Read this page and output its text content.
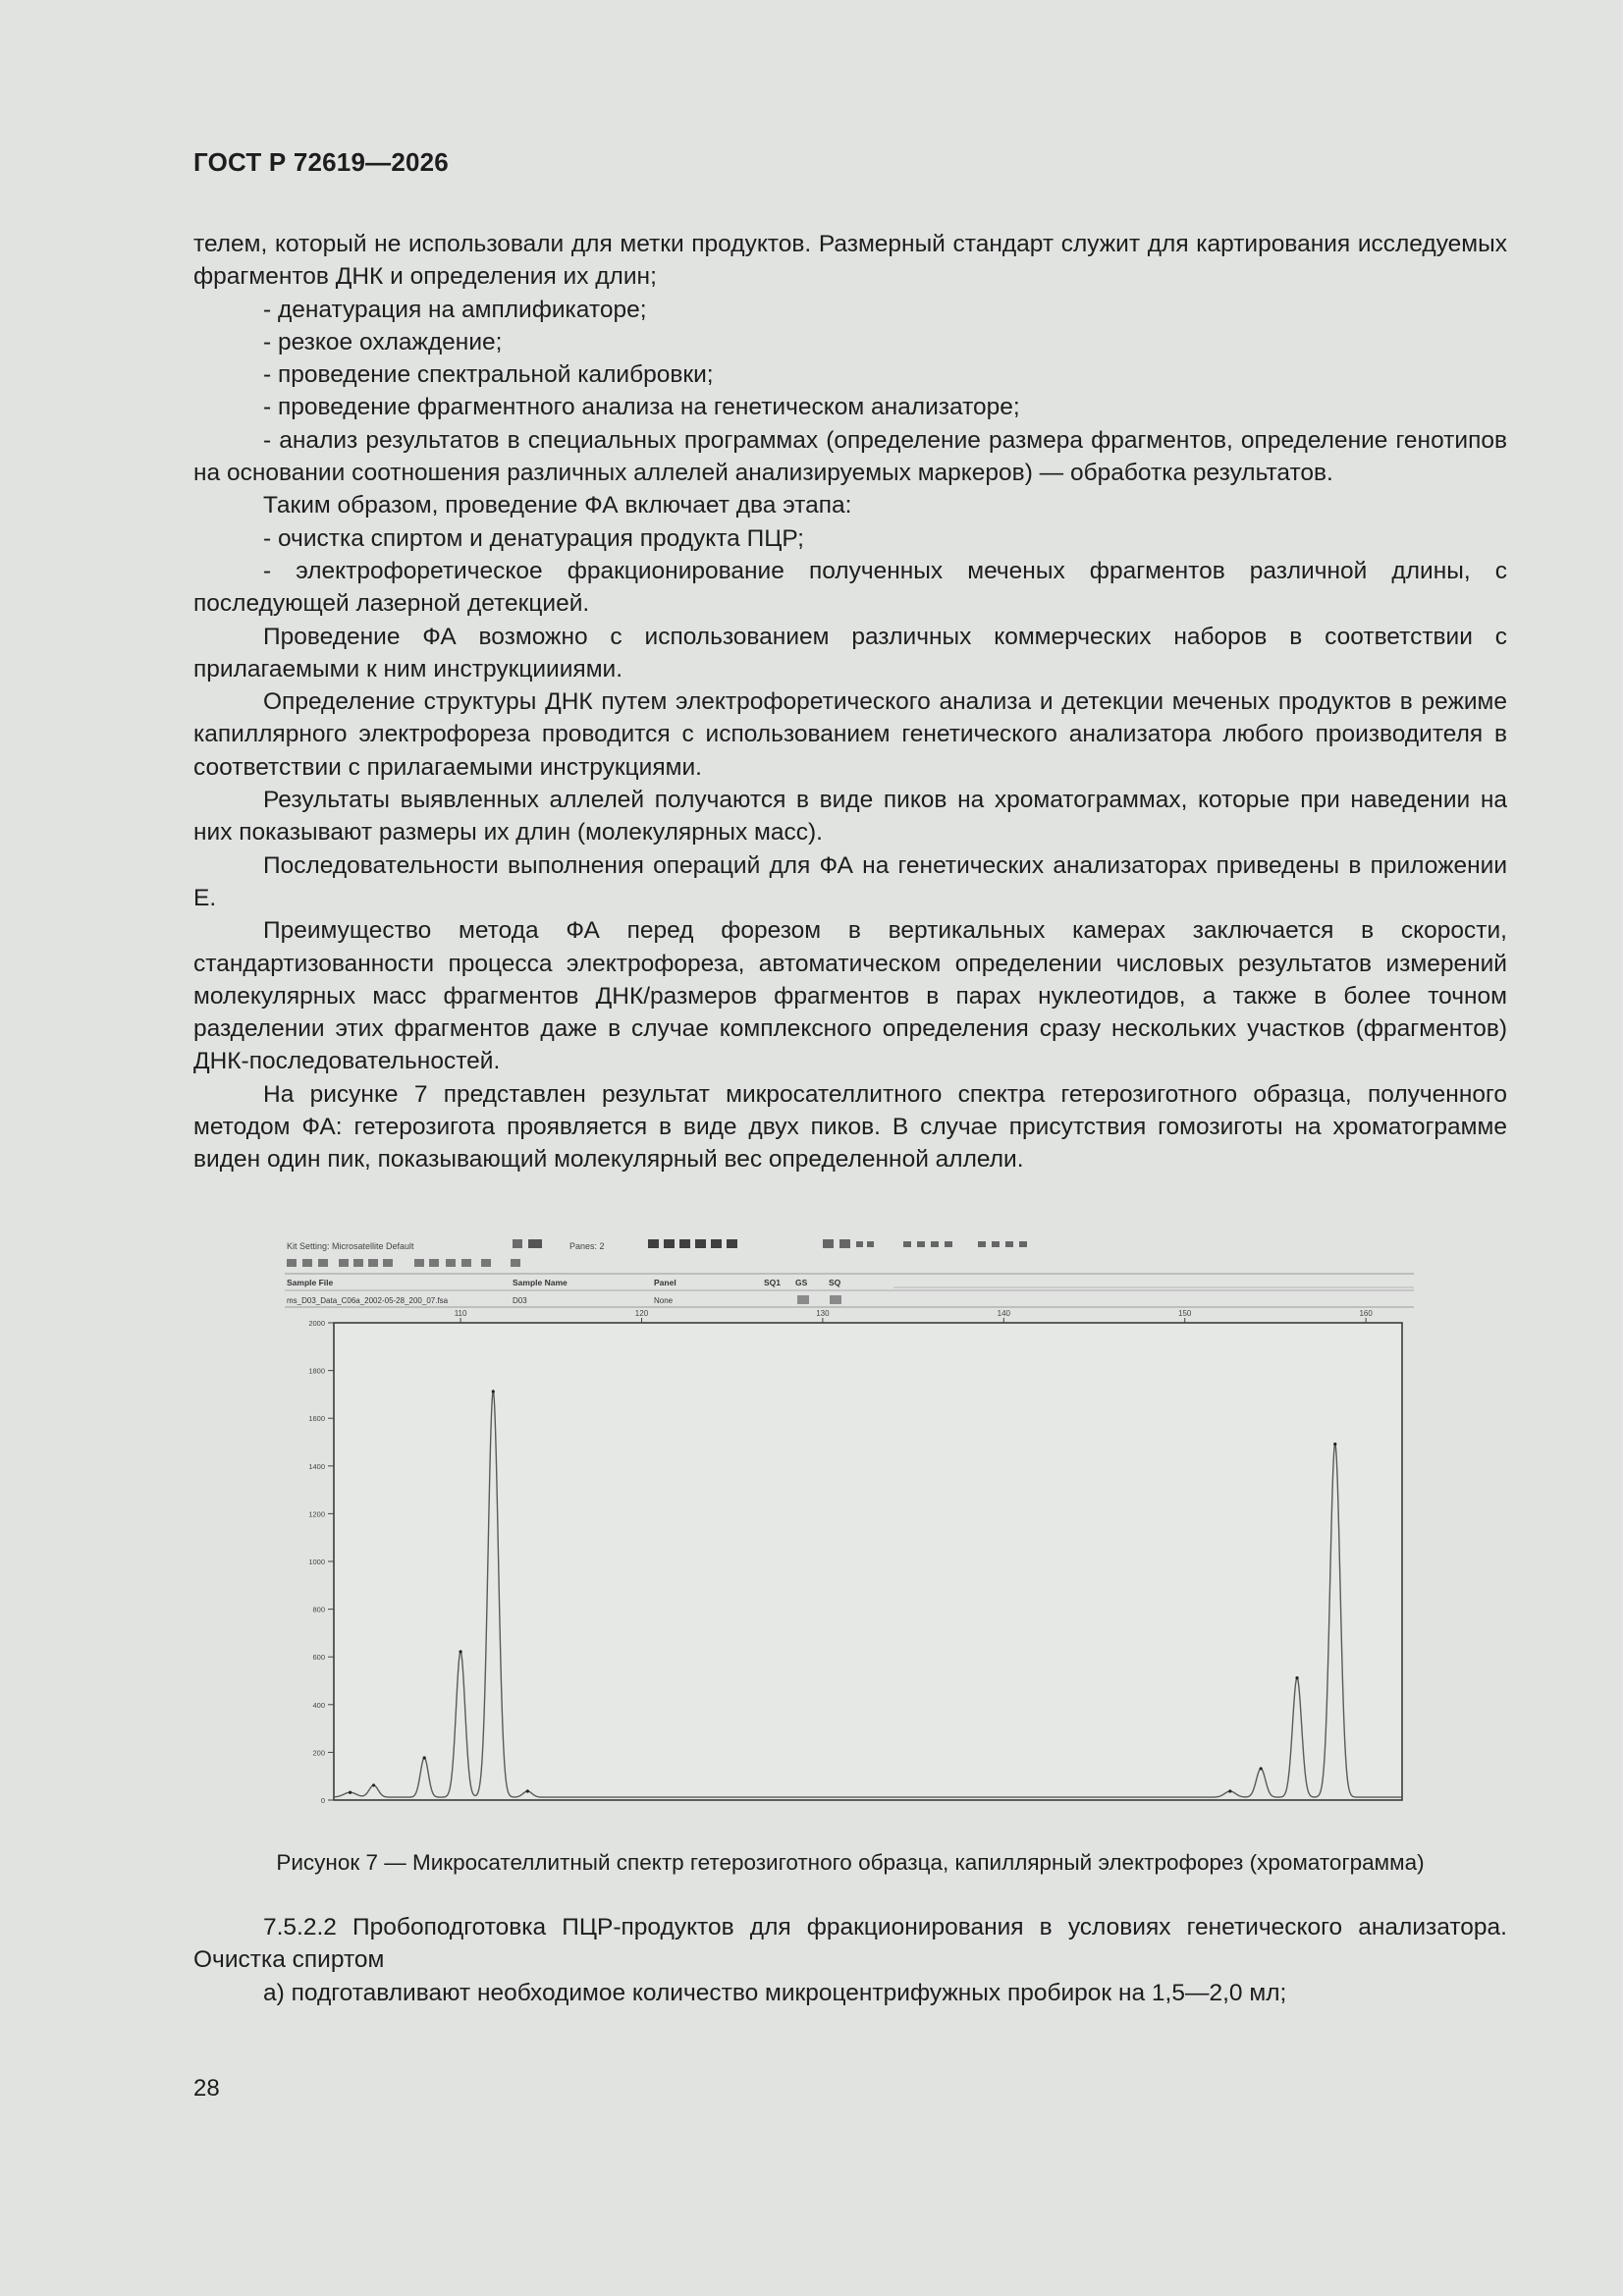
ГОСТ Р 72619—2026

телем, который не использовали для метки продуктов. Размерный стандарт служит для картирования исследуемых фрагментов ДНК и определения их длин;

- денатурация на амплификаторе;

- резкое охлаждение;

- проведение спектральной калибровки;

- проведение фрагментного анализа на генетическом анализаторе;

- анализ результатов в специальных программах (определение размера фрагментов, определение генотипов на основании соотношения различных аллелей анализируемых маркеров) — обработка результатов.

Таким образом, проведение ФА включает два этапа:

- очистка спиртом и денатурация продукта ПЦР;

- электрофоретическое фракционирование полученных меченых фрагментов различной длины, с последующей лазерной детекцией.

Проведение ФА возможно с использованием различных коммерческих наборов в соответствии с прилагаемыми к ним инструкциииями.

Определение структуры ДНК путем электрофоретического анализа и детекции меченых продуктов в режиме капиллярного электрофореза проводится с использованием генетического анализатора любого производителя в соответствии с прилагаемыми инструкциями.

Результаты выявленных аллелей получаются в виде пиков на хроматограммах, которые при наведении на них показывают размеры их длин (молекулярных масс).

Последовательности выполнения операций для ФА на генетических анализаторах приведены в приложении Е.

Преимущество метода ФА перед форезом в вертикальных камерах заключается в скорости, стандартизованности процесса электрофореза, автоматическом определении числовых результатов измерений молекулярных масс фрагментов ДНК/размеров фрагментов в парах нуклеотидов, а также в более точном разделении этих фрагментов даже в случае комплексного определения сразу нескольких участков (фрагментов) ДНК-последовательностей.

На рисунке 7 представлен результат микросателлитного спектра гетерозиготного образца, полученного методом ФА: гетерозигота проявляется в виде двух пиков. В случае присутствия гомозиготы на хроматограмме виден один пик, показывающий молекулярный вес определенной аллели.

Kit Setting: Microsatellite Default	Panes: 2
Sample File	Sample Name	Panel	SQ1 GS	SQ
ms_D03_Data_C06a_2002-05-28_200_07.fsa	D03	None
110	120	130	140	150	160
0
200
400
600
800
1000
1200
1400
1600
1800
2000
Рисунок 7 — Микросателлитный спектр гетерозиготного образца, капиллярный электрофорез (хроматограмма)

7.5.2.2 Пробоподготовка ПЦР-продуктов для фракционирования в условиях генетического анализатора. Очистка спиртом

а) подготавливают необходимое количество микроцентрифужных пробирок на 1,5—2,0 мл;

28
